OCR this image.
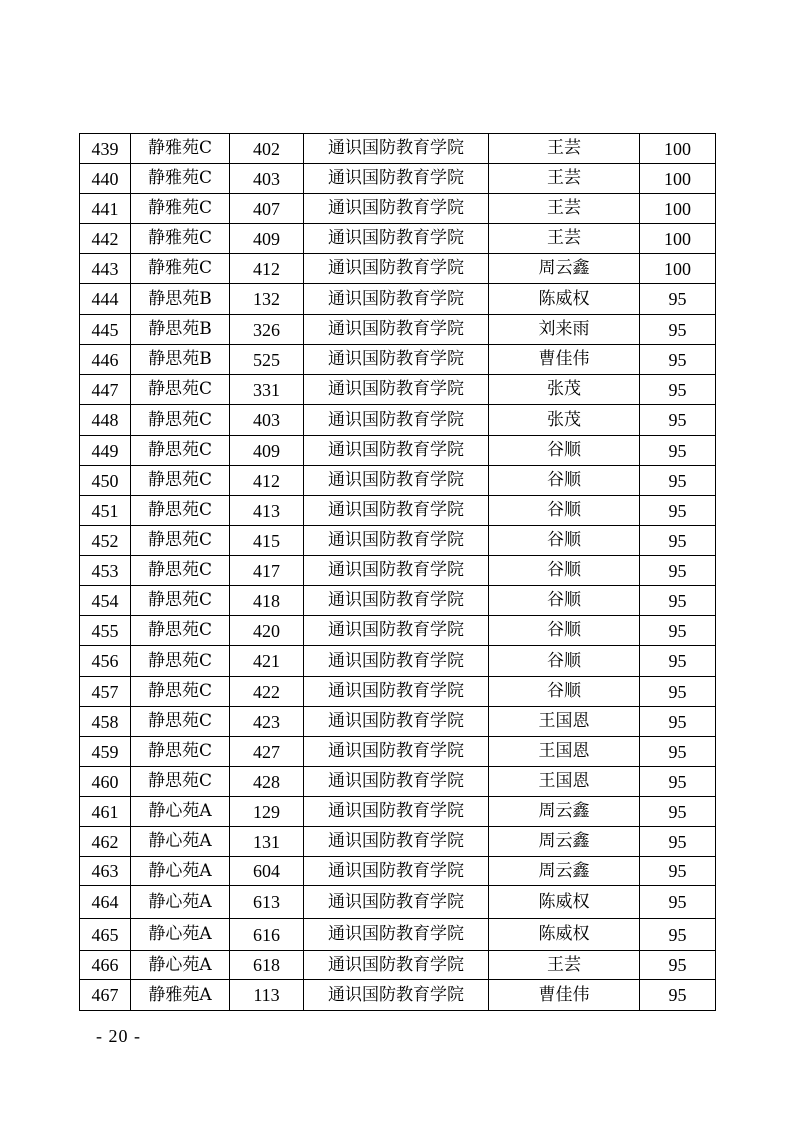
439	静雅苑C	402	通识国防教育学院	王芸	100
440	静雅苑C	403	通识国防教育学院	王芸	100
441	静雅苑C	407	通识国防教育学院	王芸	100
442	静雅苑C	409	通识国防教育学院	王芸	100
443	静雅苑C	412	通识国防教育学院	周云鑫	100
444	静思苑B	132	通识国防教育学院	陈威权	95
445	静思苑B	326	通识国防教育学院	刘来雨	95
446	静思苑B	525	通识国防教育学院	曹佳伟	95
447	静思苑C	331	通识国防教育学院	张茂	95
448	静思苑C	403	通识国防教育学院	张茂	95
449	静思苑C	409	通识国防教育学院	谷顺	95
450	静思苑C	412	通识国防教育学院	谷顺	95
451	静思苑C	413	通识国防教育学院	谷顺	95
452	静思苑C	415	通识国防教育学院	谷顺	95
453	静思苑C	417	通识国防教育学院	谷顺	95
454	静思苑C	418	通识国防教育学院	谷顺	95
455	静思苑C	420	通识国防教育学院	谷顺	95
456	静思苑C	421	通识国防教育学院	谷顺	95
457	静思苑C	422	通识国防教育学院	谷顺	95
458	静思苑C	423	通识国防教育学院	王国恩	95
459	静思苑C	427	通识国防教育学院	王国恩	95
460	静思苑C	428	通识国防教育学院	王国恩	95
461	静心苑A	129	通识国防教育学院	周云鑫	95
462	静心苑A	131	通识国防教育学院	周云鑫	95
463	静心苑A	604	通识国防教育学院	周云鑫	95
464	静心苑A	613	通识国防教育学院	陈威权	95
465	静心苑A	616	通识国防教育学院	陈威权	95
466	静心苑A	618	通识国防教育学院	王芸	95
467	静雅苑A	113	通识国防教育学院	曹佳伟	95
- 20 -
